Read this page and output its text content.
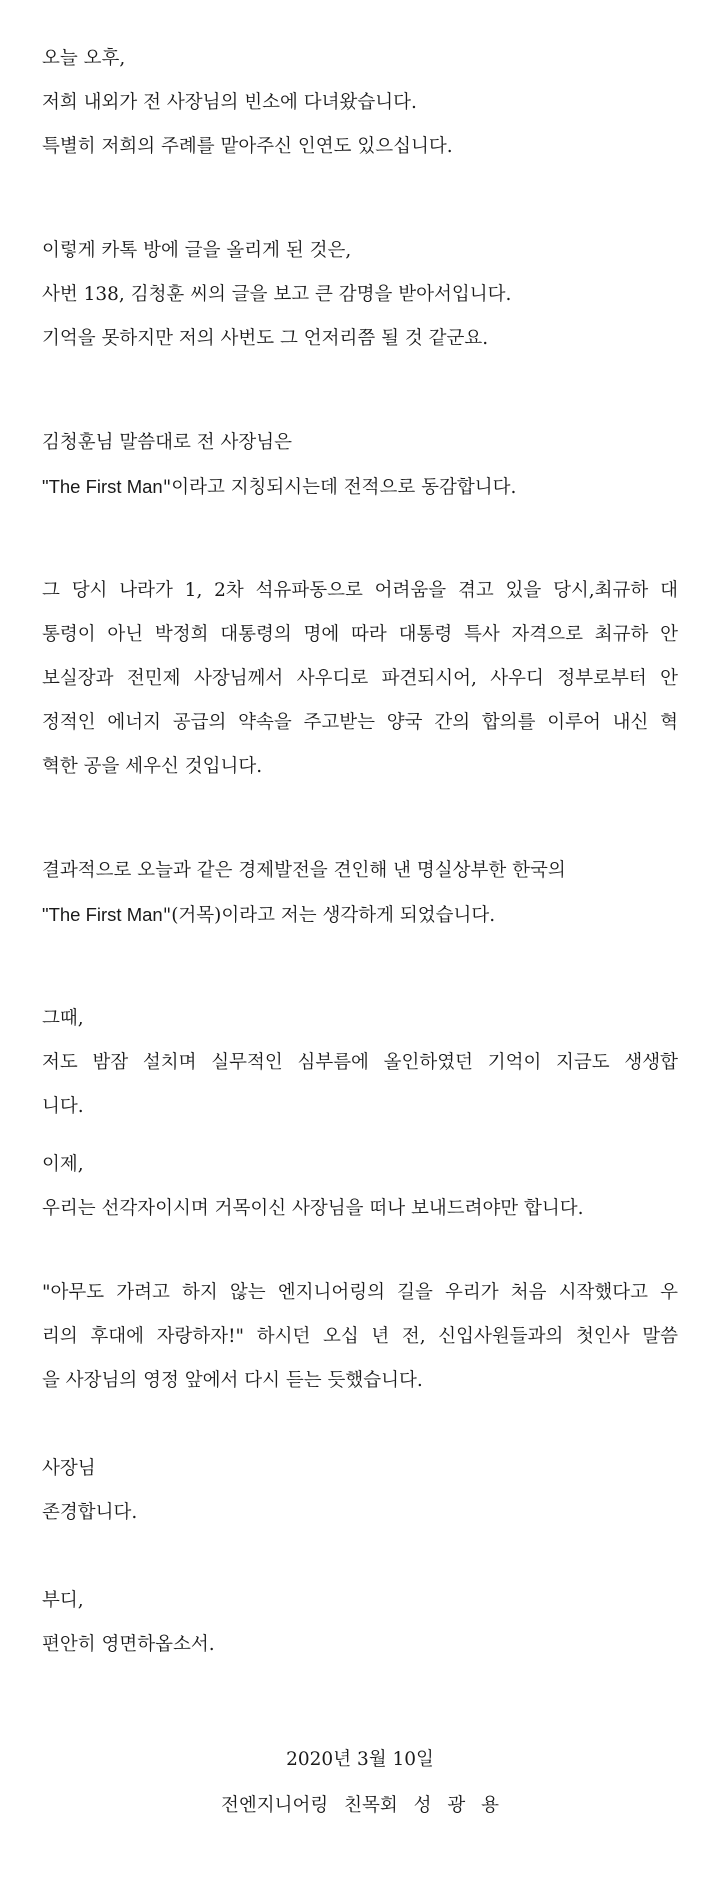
오늘 오후,
저희 내외가 전 사장님의 빈소에 다녀왔습니다.
특별히 저희의 주례를 맡아주신 인연도 있으십니다.
이렇게 카톡 방에 글을 올리게 된 것은,
사번 138, 김청훈 씨의 글을 보고 큰 감명을 받아서입니다.
기억을 못하지만 저의 사번도 그 언저리쯤 될 것 같군요.
김청훈님 말씀대로 전 사장님은
"The First Man"이라고 지칭되시는데 전적으로 동감합니다.
그 당시 나라가 1, 2차 석유파동으로 어려움을 겪고 있을 당시,최규하 대
통령이 아닌 박정희 대통령의 명에 따라 대통령 특사 자격으로 최규하 안
보실장과 전민제 사장님께서 사우디로 파견되시어, 사우디 정부로부터 안
정적인 에너지 공급의 약속을 주고받는 양국 간의 합의를 이루어 내신 혁
혁한 공을 세우신 것입니다.
결과적으로 오늘과 같은 경제발전을 견인해 낸 명실상부한 한국의
"The First Man"(거목)이라고 저는 생각하게 되었습니다.
그때,
저도 밤잠 설치며 실무적인 심부름에 올인하였던 기억이 지금도 생생합
니다.
이제,
우리는 선각자이시며 거목이신 사장님을 떠나 보내드려야만 합니다.
"아무도 가려고 하지 않는 엔지니어링의 길을 우리가 처음 시작했다고 우
리의 후대에 자랑하자!" 하시던 오십 년 전, 신입사원들과의 첫인사 말씀
을 사장님의 영정 앞에서 다시 듣는 듯했습니다.
사장님
존경합니다.
부디,
편안히 영면하옵소서.
2020년 3월 10일
전엔지니어링 친목회 성 광 용
